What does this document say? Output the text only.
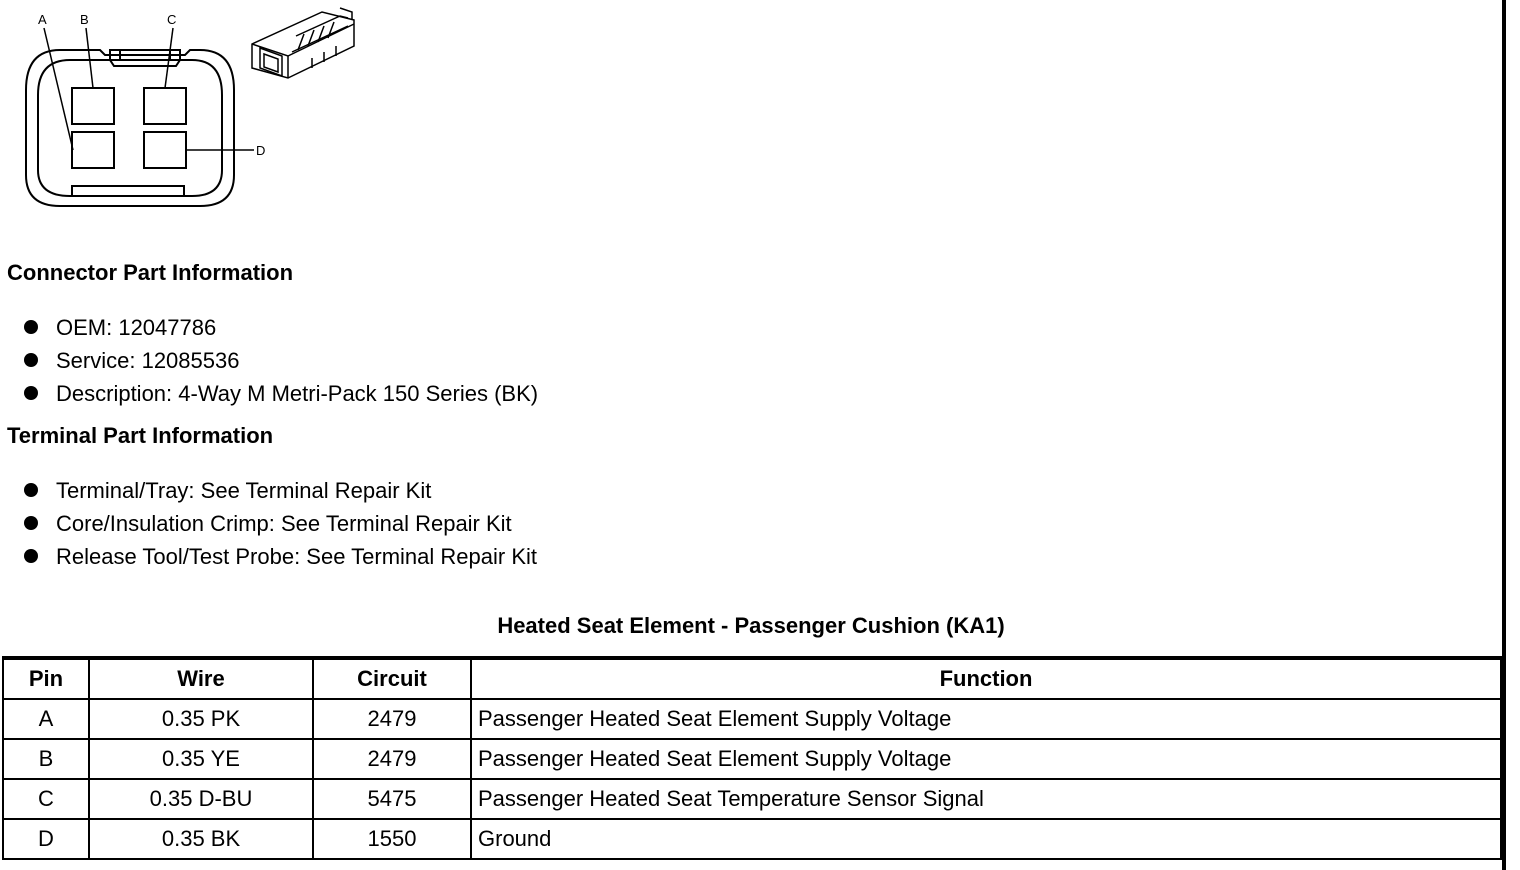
A	B	C
D
Connector Part Information
OEM: 12047786
Service: 12085536
Description: 4-Way M Metri-Pack 150 Series (BK)
Terminal Part Information
Terminal/Tray: See Terminal Repair Kit
Core/Insulation Crimp: See Terminal Repair Kit
Release Tool/Test Probe: See Terminal Repair Kit
Heated Seat Element - Passenger Cushion (KA1)
Pin	Wire	Circuit	Function
A	0.35 PK	2479	Passenger Heated Seat Element Supply Voltage
B	0.35 YE	2479	Passenger Heated Seat Element Supply Voltage
C	0.35 D-BU	5475	Passenger Heated Seat Temperature Sensor Signal
D	0.35 BK	1550	Ground
